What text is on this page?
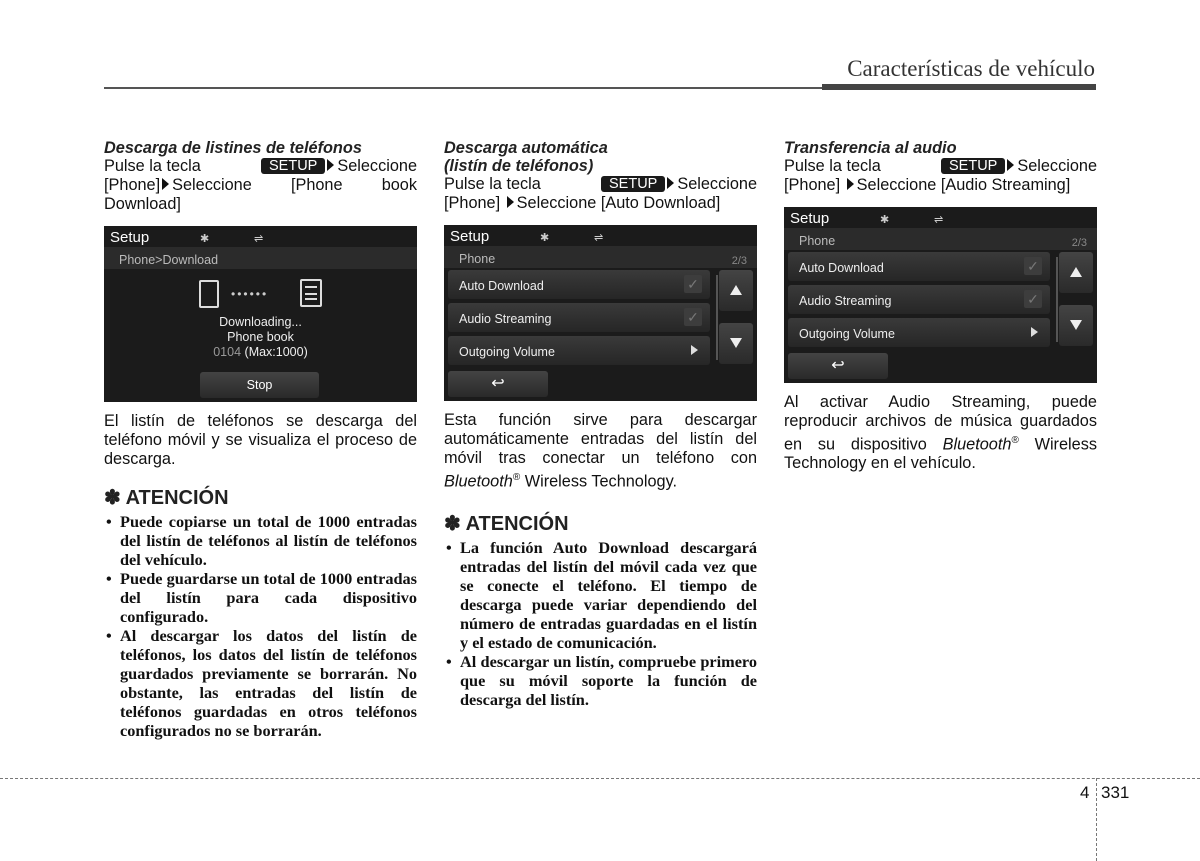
Características de vehículo
Descarga de listines de teléfonos
Pulse la tecla	SETUP Seleccione
[Phone] Seleccione [Phone book Download]
Setup	✱	⇌
Phone>Download
••••••
Downloading...
Phone book
0104 (Max:1000)
Stop
El listín de teléfonos se descarga del teléfono móvil y se visualiza el proceso de descarga.
✽ ATENCIÓN
• Puede copiarse un total de 1000 entradas del listín de teléfonos al listín de teléfonos del vehículo.
• Puede guardarse un total de 1000 entradas del listín para cada dispositivo configurado.
• Al descargar los datos del listín de teléfonos, los datos del listín de teléfonos guardados previamente se borrarán. No obstante, las entradas del listín de teléfonos guardadas en otros teléfonos configurados no se borrarán.
Descarga automática
(listín de teléfonos)
Pulse la tecla	SETUP Seleccione
[Phone] Seleccione [Auto Download]
Setup	✱	⇌
Phone	2/3
Auto Download	✓
Audio Streaming	✓
Outgoing Volume
↩
Esta función sirve para descargar automáticamente entradas del listín del móvil tras conectar un teléfono con Bluetooth® Wireless Technology.
✽ ATENCIÓN
• La función Auto Download descargará entradas del listín del móvil cada vez que se conecte el teléfono. El tiempo de descarga puede variar dependiendo del número de entradas guardadas en el listín y el estado de comunicación.
• Al descargar un listín, compruebe primero que su móvil soporte la función de descarga del listín.
Transferencia al audio
Pulse la tecla	SETUP Seleccione
[Phone] Seleccione [Audio Streaming]
Setup	✱	⇌
Phone	2/3
Auto Download	✓
Audio Streaming	✓
Outgoing Volume
↩
Al activar Audio Streaming, puede reproducir archivos de música guardados en su dispositivo Bluetooth® Wireless Technology en el vehículo.
4 331
